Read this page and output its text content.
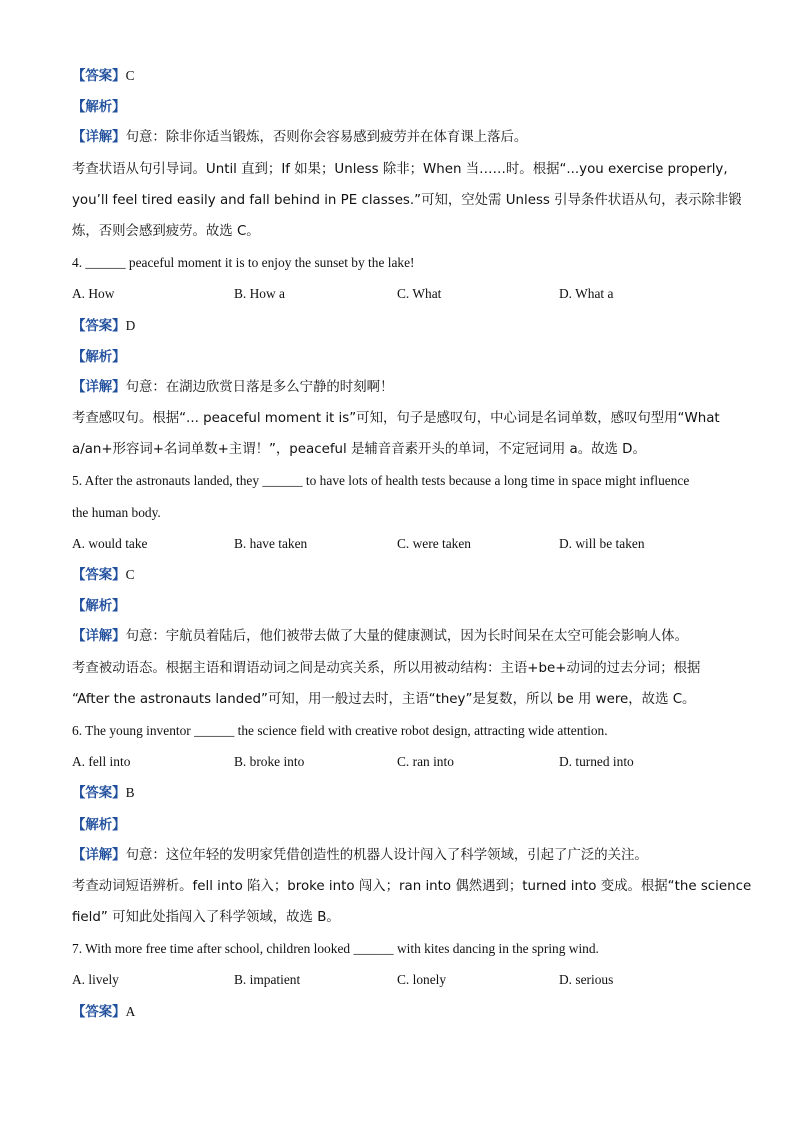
【答案】C
【解析】
【详解】句意：除非你适当锻炼，否则你会容易感到疲劳并在体育课上落后。
考查状语从句引导词。Until 直到；If 如果；Unless 除非；When 当……时。根据“...you exercise properly,
you’ll feel tired easily and fall behind in PE classes.”可知，空处需 Unless 引导条件状语从句，表示除非锻
炼，否则会感到疲劳。故选 C。
4. ______ peaceful moment it is to enjoy the sunset by the lake!
A. How	B. How a	C. What	D. What a
【答案】D
【解析】
【详解】句意：在湖边欣赏日落是多么宁静的时刻啊！
考查感叹句。根据“... peaceful moment it is”可知，句子是感叹句，中心词是名词单数，感叹句型用“What
a/an+形容词+名词单数+主谓！”，peaceful 是辅音音素开头的单词，不定冠词用 a。故选 D。
5. After the astronauts landed, they ______ to have lots of health tests because a long time in space might influence
the human body.
A. would take	B. have taken	C. were taken	D. will be taken
【答案】C
【解析】
【详解】句意：宇航员着陆后，他们被带去做了大量的健康测试，因为长时间呆在太空可能会影响人体。
考查被动语态。根据主语和谓语动词之间是动宾关系，所以用被动结构：主语+be+动词的过去分词；根据
“After the astronauts landed”可知，用一般过去时，主语“they”是复数，所以 be 用 were，故选 C。
6. The young inventor ______ the science field with creative robot design, attracting wide attention.
A. fell into	B. broke into	C. ran into	D. turned into
【答案】B
【解析】
【详解】句意：这位年轻的发明家凭借创造性的机器人设计闯入了科学领域，引起了广泛的关注。
考查动词短语辨析。fell into 陷入；broke into 闯入；ran into 偶然遇到；turned into 变成。根据“the science
field” 可知此处指闯入了科学领域，故选 B。
7. With more free time after school, children looked ______ with kites dancing in the spring wind.
A. lively	B. impatient	C. lonely	D. serious
【答案】A
